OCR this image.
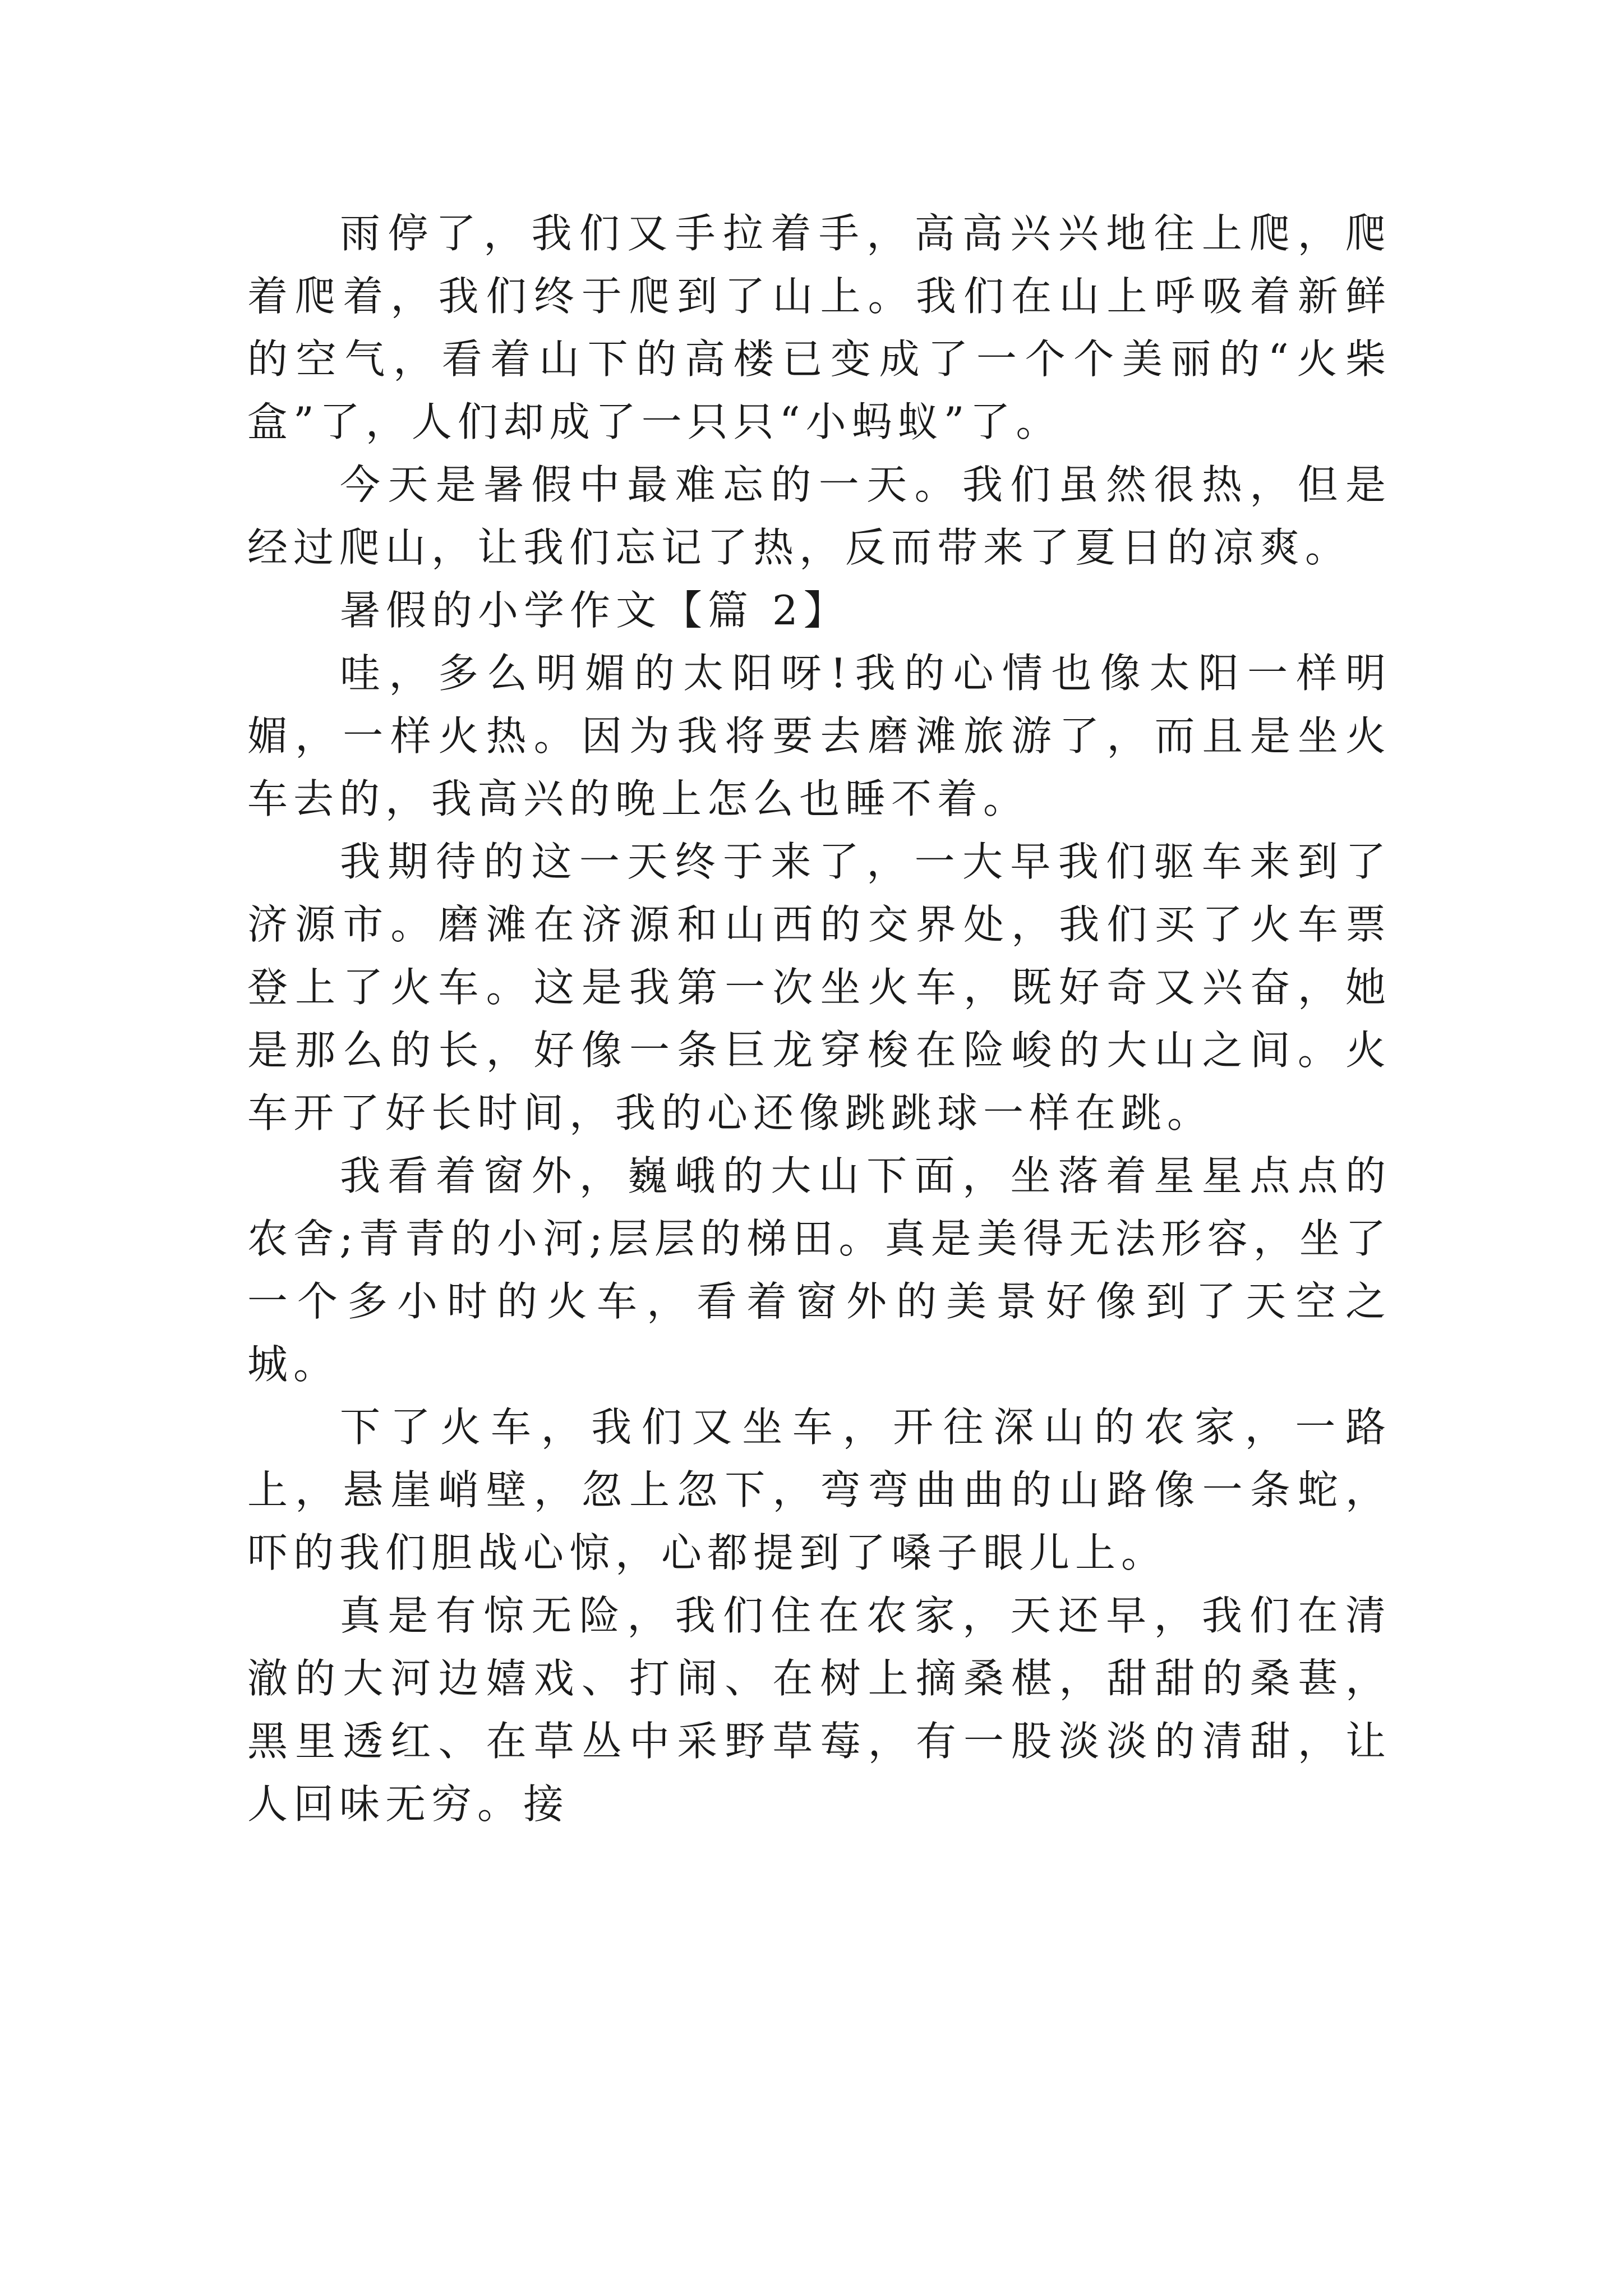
雨停了，我们又手拉着手，高高兴兴地往上爬，爬着爬着，我们终于爬到了山上。我们在山上呼吸着新鲜的空气，看着山下的高楼已变成了一个个美丽的“火柴盒”了，人们却成了一只只“小蚂蚁”了。

今天是暑假中最难忘的一天。我们虽然很热，但是经过爬山，让我们忘记了热，反而带来了夏日的凉爽。

暑假的小学作文【篇 2】

哇，多么明媚的太阳呀!我的心情也像太阳一样明媚，一样火热。因为我将要去磨滩旅游了，而且是坐火车去的，我高兴的晚上怎么也睡不着。

我期待的这一天终于来了，一大早我们驱车来到了济源市。磨滩在济源和山西的交界处，我们买了火车票登上了火车。这是我第一次坐火车，既好奇又兴奋，她是那么的长，好像一条巨龙穿梭在险峻的大山之间。火车开了好长时间，我的心还像跳跳球一样在跳。

我看着窗外，巍峨的大山下面，坐落着星星点点的农舍;青青的小河;层层的梯田。真是美得无法形容，坐了一个多小时的火车，看着窗外的美景好像到了天空之城。

下了火车，我们又坐车，开往深山的农家，一路上，悬崖峭壁，忽上忽下，弯弯曲曲的山路像一条蛇，吓的我们胆战心惊，心都提到了嗓子眼儿上。

真是有惊无险，我们住在农家，天还早，我们在清澈的大河边嬉戏、打闹、在树上摘桑椹，甜甜的桑葚，黑里透红、在草丛中采野草莓，有一股淡淡的清甜，让人回味无穷。接
